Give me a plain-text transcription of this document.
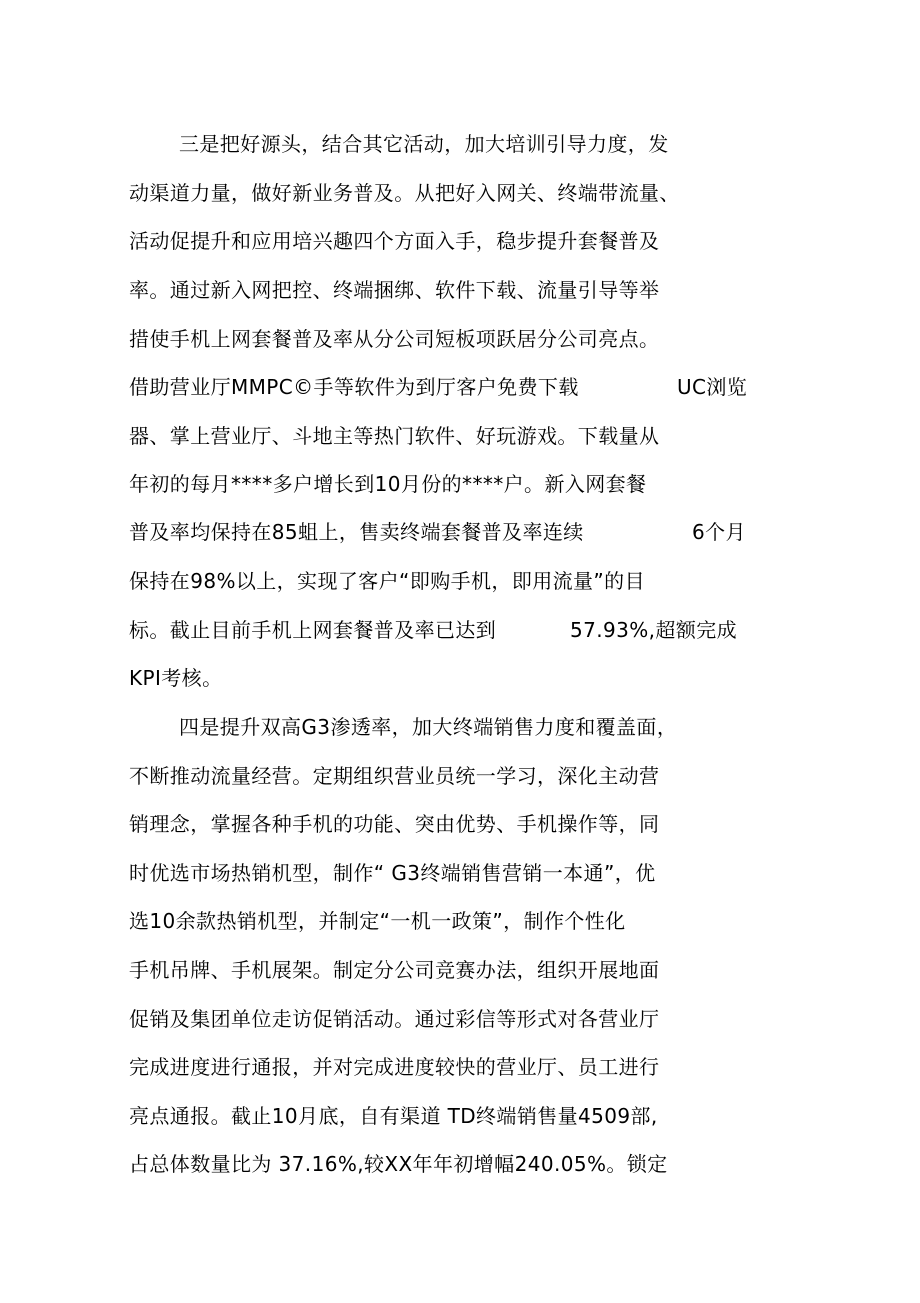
三是把好源头，结合其它活动，加大培训引导力度，发
动渠道力量，做好新业务普及。从把好入网关、终端带流量、
活动促提升和应用培兴趣四个方面入手，稳步提升套餐普及
率。通过新入网把控、终端捆绑、软件下载、流量引导等举
措使手机上网套餐普及率从分公司短板项跃居分公司亮点。
借助营业厅MMPC©手等软件为到厅客户免费下载	UC浏览
器、掌上营业厅、斗地主等热门软件、好玩游戏。下载量从
年初的每月****多户增长到10月份的****户。新入网套餐
普及率均保持在85蛆上，售卖终端套餐普及率连续	6个月
保持在98%以上，实现了客户“即购手机，即用流量”的目
标。截止目前手机上网套餐普及率已达到	57.93%,超额完成
KPI考核。
四是提升双高G3渗透率，加大终端销售力度和覆盖面，
不断推动流量经营。定期组织营业员统一学习，深化主动营
销理念，掌握各种手机的功能、突由优势、手机操作等，同
时优选市场热销机型，制作“ G3终端销售营销一本通”，优
选10余款热销机型，并制定“一机一政策”，制作个性化
手机吊牌、手机展架。制定分公司竞赛办法，组织开展地面
促销及集团单位走访促销活动。通过彩信等形式对各营业厅
完成进度进行通报，并对完成进度较快的营业厅、员工进行
亮点通报。截止10月底，自有渠道 TD终端销售量4509部,
占总体数量比为 37.16%,较XX年年初增幅240.05%。锁定
